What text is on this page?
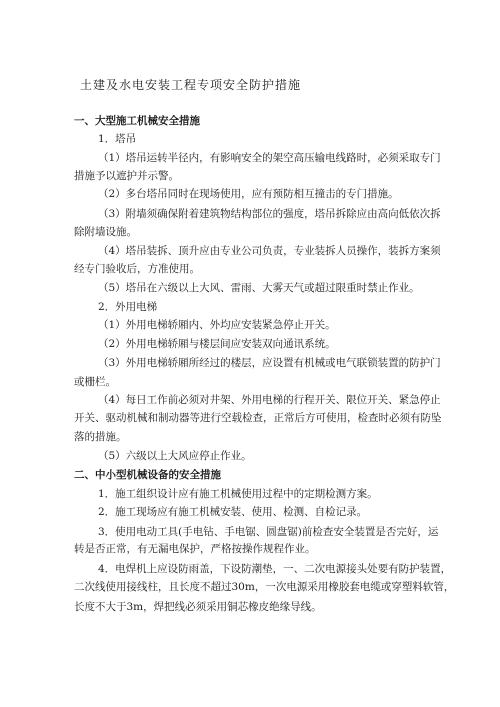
土建及水电安装工程专项安全防护措施
一、大型施工机械安全措施
1．塔吊
（1）塔吊运转半径内，有影响安全的架空高压输电线路时，必须采取专门
措施予以遮护并示警。
（2）多台塔吊同时在现场使用，应有预防相互撞击的专门措施。
（3）附墙须确保附着建筑物结构部位的强度，塔吊拆除应由高向低依次拆
除附墙设施。
（4）塔吊装拆、顶升应由专业公司负责，专业装拆人员操作，装拆方案须
经专门验收后，方准使用。
（5）塔吊在六级以上大风、雷雨、大雾天气或超过限重时禁止作业。
2．外用电梯
（1）外用电梯轿厢内、外均应安装紧急停止开关。
（2）外用电梯轿厢与楼层间应安装双向通讯系统。
（3）外用电梯轿厢所经过的楼层，应设置有机械或电气联锁装置的防护门
或栅栏。
（4）每日工作前必须对井架、外用电梯的行程开关、限位开关、紧急停止
开关、驱动机械和制动器等进行空载检查，正常后方可使用，检查时必须有防坠
落的措施。
（5）六级以上大风应停止作业。
二、中小型机械设备的安全措施
1．施工组织设计应有施工机械使用过程中的定期检测方案。
2．施工现场应有施工机械安装、使用、检测、自检记录。
3．使用电动工具(手电钻、手电锯、圆盘锯)前检查安全装置是否完好，运
转是否正常，有无漏电保护，严格按操作规程作业。
4．电焊机上应设防雨盖，下设防潮垫，一、二次电源接头处要有防护装置，
二次线使用接线柱，且长度不超过30m，一次电源采用橡胶套电缆或穿塑料软管，
长度不大于3m，焊把线必须采用铜芯橡皮绝缘导线。
